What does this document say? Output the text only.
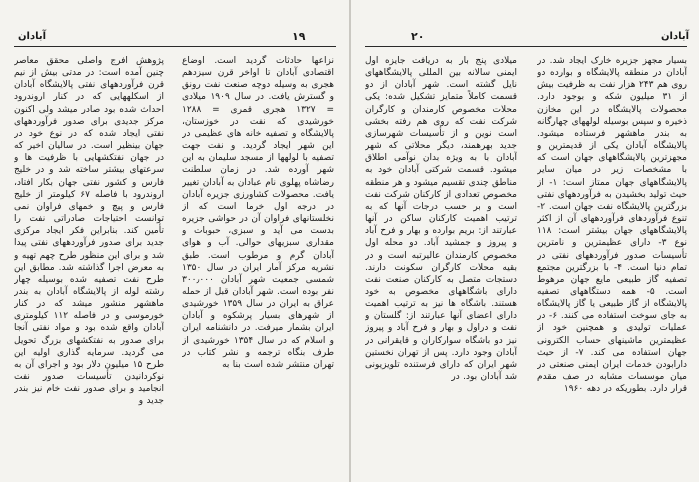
آبادان	۱۹
پژوهش افرج واصلی محقق معاصر چنین آمده است: در مدتی بیش از نیم قرن فرآوردههای نفتی پالایشگاه آبادان از اسکلههایی که در کنار اروندرود احداث شده بود صادر میشد ولی اکنون مرکز جدیدی برای صدور فرآوردههای نفتی ایجاد شده که در نوع خود در جهان بینظیر است. در سالیان اخیر که در جهان نفتکشهایی با ظرفیت ها و سرعتهای بیشتر ساخته شد و در خلیج فارس و کشور نفتی جهان بکار افتاد، اروندرود با فاصله ۶۷ کیلومتر از خلیج فارس و پیچ و خمهای فراوان نمی توانست احتیاجات صادراتی نفت را تأمین کند. بنابراین فکر ایجاد مرکزی جدید برای صدور فرآوردههای نفتی پیدا شد و برای این منظور طرح چهم تهیه و به معرض اجرا گذاشته شد. مطابق این طرح نفت تصفیه شده بوسیله چهار رشته لوله از پالایشگاه آبادان به بندر ماهشهر منشور میشد که در کنار خورموسی و در فاصله ۱۱۲ کیلومتری آبادان واقع شده بود و مواد نفتی آنجا برای صدور به نفتکشهای بزرگ تحویل می گردید. سرمایه گذاری اولیه این طرح ۱۵ میلیون دلار بود و اجرای آن به نوکردانیدن تأسیسات صدور نفت انجامید و برای صدور نفت خام نیز بندر جدید و
نزاعها حادثات گردید است. اوضاع اقتصادی آبادان تا اواخر قرن سیزدهم هجری به وسیله دوچه صنعت نفت رونق و گسترش یافت. در سال ۱۹۰۹ میلادی = ۱۳۲۷ هجری قمری = ۱۲۸۸ خورشیدی که نفت در خوزستان، پالایشگاه و تصفیه خانه های عظیمی در این شهر ایجاد گردید. و نفت جهت تصفیه با لولهها از مسجد سلیمان به این شهر آورده شد. در زمان سلطنت رضاشاه پهلوی نام عبادان به آبادان تغییر یافت. محصولات کشاورزی جزیره آبادان در درجه اول خرما است که از نخلستانهای فراوان آن در حواشی جزیره بدست می آید و سبزی، حبوبات و مقداری سبزیهای حوالی. آب و هوای آبادان گرم و مرطوب است. طبق نشریه مرکز آمار ایران در سال ۱۳۵۰ شمسی جمعیت شهر آبادان ۳۰۰٫۰۰۰ نفر بوده است. شهر آبادان قبل از حمله عراق به ایران در سال ۱۳۵۹ خورشیدی از شهرهای بسیار پرشکوه و آبادان ایران بشمار میرفت. در دانشنامه ایران و اسلام که در سال ۱۳۵۴ خورشیدی از طرف بنگاه ترجمه و نشر کتاب در تهران منتشر شده است بنا به
۲۰	آبادان
میلادی پنج بار به دریافت جایزه اول ایمنی سالانه بین المللی پالایشگاههای نایل گشته است. شهر آبادان از دو قسمت کاملاً متمایز تشکیل شده: یکی محلات مخصوص کارمندان و کارگران شرکت نفت که روی هم رفته بخشی است نوین و از تأسیسات شهرسازی جدید بهرهمند، دیگر محلاتی که شهر آبادان با به ویژه بدان نوآمی اطلاق میشود. قسمت شرکتی آبادان خود به مناطق چندی تقسیم میشود و هر منطقه مخصوص تعدادی از کارکنان شرکت نفت است و بر حسب درجات آنها که به ترتیب اهمیت کارکنان ساکن در آنها عبارتند از: بریم بوارده و بهار و فرح آباد و پیروز و جمشید آباد. دو محله اول مخصوص کارمندان عالیرتبه است و در بقیه محلات کارگران سکونت دارند. دستجات متصل به کارکنان صنعت نفت دارای باشگاههای مخصوص به خود هستند. باشگاه ها نیز به ترتیب اهمیت دارای اعضای آنها عبارتند از: گلستان و نفت و دراول و بهار و فرح آباد و پیروز نیز دو باشگاه سوارکاران و قایقرانی در آبادان وجود دارد. پس از تهران نخستین شهر ایران که دارای فرستنده تلویزیونی شد آبادان بود. در
بسیار مجهز جزیره خارک ایجاد شد. در آبادان در منطقه پالایشگاه و بوارده دو روی هم ۲۴۳ هزار نفت به ظرفیت بیش از ۳۱ میلیون شکه و بوجود دارد. محصولات پالایشگاه در این مخازن ذخیره و سپس بوسیله لولههای چهارگانه به بندر ماهشهر فرستاده میشود. پالایشگاه آبادان یکی از قدیمترین و مجهزترین پالایشگاههای جهان است که با مشخصات زیر در میان سایر پالایشگاههای جهان ممتاز است: ۱- از حیث تولید بخشیدن به فرآوردههای نفتی بزرگترین پالایشگاه نفت جهان است. ۲- تنوع فرآوردهای فرآوردههای آن از اکثر پالایشگاههای جهان بیشتر است: ۱۱۸ نوع ۳- دارای عظیمترین و نامترین تأسیسات صدور فرآوردههای نفتی در تمام دنیا است. ۴- با بزرگترین مجتمع تصفیه گاز طبیعی مایع جهان مرهوط است. ۵- همه دستگاههای تصفیه پالایشگاه از گاز طبیعی یا گاز پالایشگاه به جای سوخت استفاده می کنند. ۶- در عملیات تولیدی و همچنین خود از عظیمترین ماشینهای حساب الکترونی جهان استفاده می کند. ۷- از حیث دارابودن خدمات ایران ایمنی صنعتی در میان موسسات مشابه در صف مقدم قرار دارد. بطوریکه در دهه ۱۹۶۰
